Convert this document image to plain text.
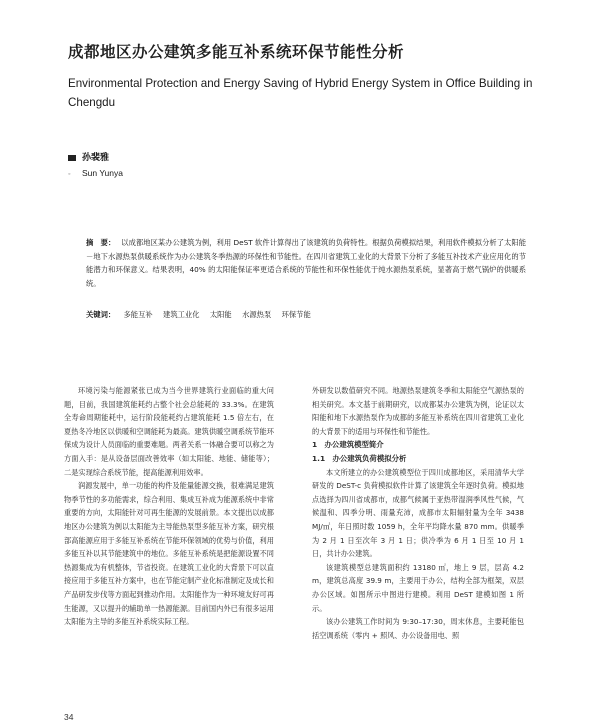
成都地区办公建筑多能互补系统环保节能性分析
Environmental Protection and Energy Saving of Hybrid Energy System in Office Building in Chengdu
孙裴雅
◦ Sun Yunya
摘　要： 以成都地区某办公建筑为例，利用 DeST 软件计算得出了该建筑的负荷特性。根据负荷模拟结果，利用软件模拟分析了太阳能－地下水源热泵供暖系统作为办公建筑冬季热源的环保性和节能性。在四川省建筑工业化的大背景下分析了多能互补技术产业应用化的节能潜力和环保意义。结果表明，40% 的太阳能保证率更适合系统的节能性和环保性能优于纯水源热泵系统，显著高于燃气锅炉的供暖系统。
关键词： 多能互补 建筑工业化 太阳能 水源热泵 环保节能

环境污染与能源紧张已成为当今世界建筑行业面临的重大问题，目前，我国建筑能耗约占整个社会总能耗的 33.3%。在建筑全寿命周期能耗中，运行阶段能耗约占建筑能耗 1.5 倍左右，在夏热冬冷地区以供暖和空调能耗为最高。建筑供暖空调系统节能环保成为设计人员面临的重要难题。两者关系一体融合要可以称之为方面入手：是从设备层面改善效率（如太阳能、地能、储能等）；二是实现综合系统节能，提高能源利用效率。

润源发展中，单一功能的构件及能量能源交换，很难满足建筑物季节性的多功能需求，综合利用、集成互补成为能源系统中非常重要的方向，太阳能针对可再生能源的发展前景。本文提出以成都地区办公建筑为例以太阳能为主导能热泵型多能互补方案，研究根部高能源应用于多能互补系统在节能环保领域的优势与价值，利用多能互补以其节能建筑中的地位。多能互补系统是把能源设置不同热源集成为有机整体，节省投资。在建筑工业化的大背景下可以直接应用于多能互补方案中，也在节能定制产业化标准制定及成长和产品研发步伐等方面起到推动作用。太阳能作为一种环境友好可再生能源，又以提升的辅助单一热源能源。目前国内外已有很多运用太阳能为主导的多能互补系统实际工程。

外研发以数值研究不同。地源热泵建筑冬季和太阳能空气源热泵的相关研究。本文基于前期研究，以成都某办公建筑为例，论证以太阳能和地下水源热泵作为成都的多能互补系统在四川省建筑工业化的大背景下的适用与环保性和节能性。

1　办公建筑模型简介
1.1　办公建筑负荷模拟分析

本文所建立的办公建筑模型位于四川成都地区，采用清华大学研发的 DeST-c 负荷模拟软件计算了该建筑全年逐时负荷。模拟地点选择为四川省成都市，成都气候属于亚热带湿润季风性气候，气候温和、四季分明、雨量充沛，成都市太阳辐射量为全年 3438 MJ/㎡，年日照时数 1059 h，全年平均降水量 870 mm。供暖季为 2 月 1 日至次年 3 月 1 日；供冷季为 6 月 1 日至 10 月 1 日，共计办公建筑。

该建筑模型总建筑面积约 13180 ㎡，地上 9 层，层高 4.2 m，建筑总高度 39.9 m，主要用于办公，结构全部为框架，双层办公区域。如图所示中图进行建模。利用 DeST 建模如图 1 所示。

该办公建筑工作时间为 9:30–17:30，周末休息，主要耗能包括空调系统（零内 + 照风、办公设备用电、照

34
